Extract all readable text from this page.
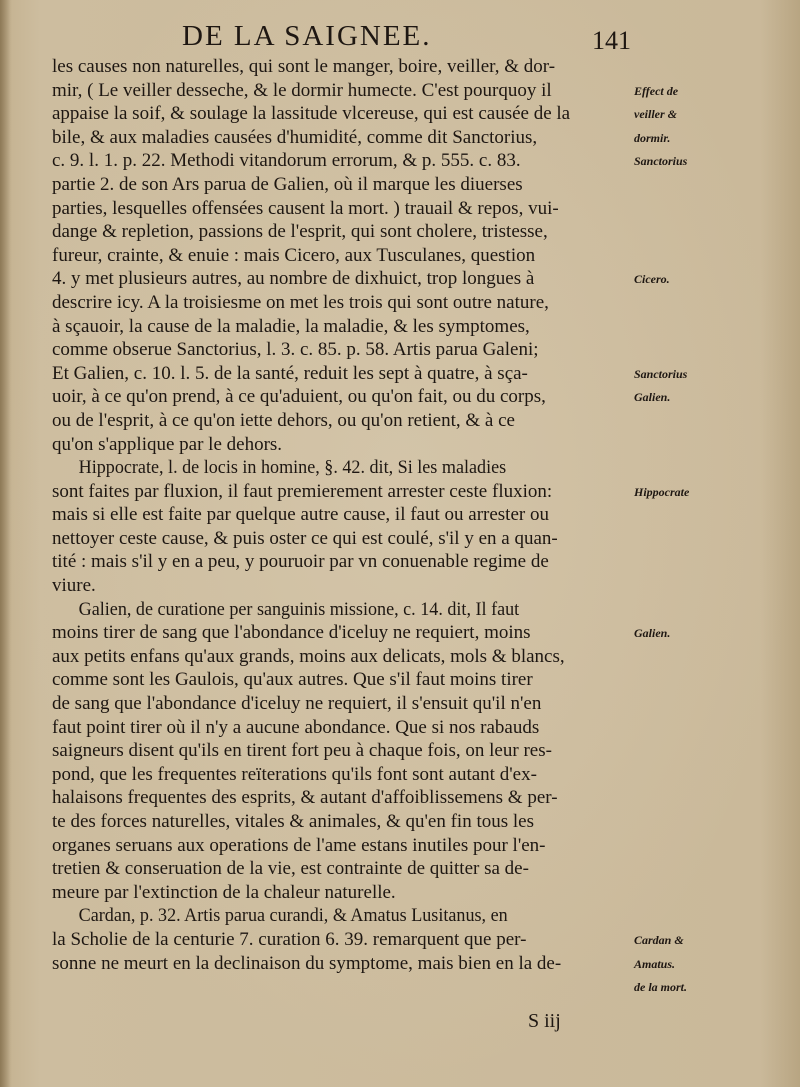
DE LA SAIGNEE.	141
les causes non naturelles, qui sont le manger, boire, veiller, & dor-
mir, ( Le veiller desseche, & le dormir humecte. C'est pourquoy il
appaise la soif, & soulage la lassitude vlcereuse, qui est causée de la
bile, & aux maladies causées d'humidité, comme dit Sanctorius,
c. 9. l. 1. p. 22. Methodi vitandorum errorum, & p. 555. c. 83.
partie 2. de son Ars parua de Galien, où il marque les diuerses
parties, lesquelles offensées causent la mort. ) trauail & repos, vui-
dange & repletion, passions de l'esprit, qui sont cholere, tristesse,
fureur, crainte, & enuie : mais Cicero, aux Tusculanes, question
4. y met plusieurs autres, au nombre de dixhuict, trop longues à
descrire icy. A la troisiesme on met les trois qui sont outre nature,
à sçauoir, la cause de la maladie, la maladie, & les symptomes,
comme obserue Sanctorius, l. 3. c. 85. p. 58. Artis parua Galeni;
Et Galien, c. 10. l. 5. de la santé, reduit les sept à quatre, à sça-
uoir, à ce qu'on prend, à ce qu'aduient, ou qu'on fait, ou du corps,
ou de l'esprit, à ce qu'on iette dehors, ou qu'on retient, & à ce
qu'on s'applique par le dehors.
Hippocrate, l. de locis in homine, §. 42. dit, Si les maladies
sont faites par fluxion, il faut premierement arrester ceste fluxion:
mais si elle est faite par quelque autre cause, il faut ou arrester ou
nettoyer ceste cause, & puis oster ce qui est coulé, s'il y en a quan-
tité : mais s'il y en a peu, y pouruoir par vn conuenable regime de
viure.
Galien, de curatione per sanguinis missione, c. 14. dit, Il faut
moins tirer de sang que l'abondance d'iceluy ne requiert, moins
aux petits enfans qu'aux grands, moins aux delicats, mols & blancs,
comme sont les Gaulois, qu'aux autres. Que s'il faut moins tirer
de sang que l'abondance d'iceluy ne requiert, il s'ensuit qu'il n'en
faut point tirer où il n'y a aucune abondance. Que si nos rabauds
saigneurs disent qu'ils en tirent fort peu à chaque fois, on leur res-
pond, que les frequentes reïterations qu'ils font sont autant d'ex-
halaisons frequentes des esprits, & autant d'affoiblissemens & per-
te des forces naturelles, vitales & animales, & qu'en fin tous les
organes seruans aux operations de l'ame estans inutiles pour l'en-
tretien & conseruation de la vie, est contrainte de quitter sa de-
meure par l'extinction de la chaleur naturelle.
Cardan, p. 32. Artis parua curandi, & Amatus Lusitanus, en
la Scholie de la centurie 7. curation 6. 39. remarquent que per-
sonne ne meurt en la declinaison du symptome, mais bien en la de-
Effect de
veiller &
dormir.
Sanctorius
Cicero.
Sanctorius
Galien.
Hippocrate
Galien.
Cardan &
Amatus.
de la mort.
S iij
